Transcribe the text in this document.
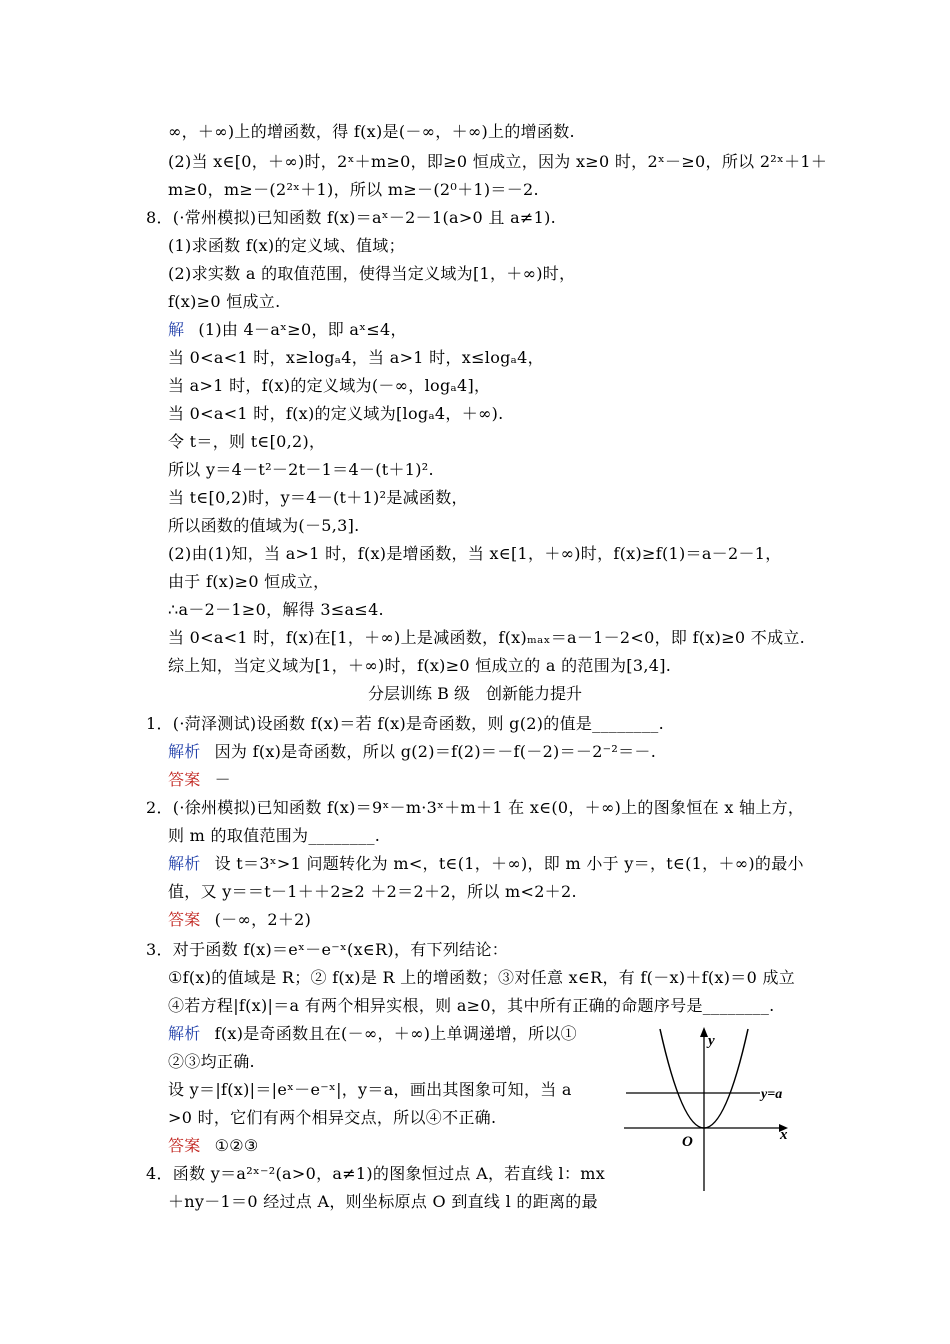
∞，＋∞)上的增函数，得 f(x)是(－∞，＋∞)上的增函数.
(2)当 x∈[0，＋∞)时，2ˣ＋m≥0，即≥0 恒成立，因为 x≥0 时，2ˣ－≥0，所以 2²ˣ＋1＋
m≥0，m≥－(2²ˣ＋1)，所以 m≥－(2⁰＋1)＝－2.
8．(·常州模拟)已知函数 f(x)＝aˣ－2－1(a>0 且 a≠1).
(1)求函数 f(x)的定义域、值域；
(2)求实数 a 的取值范围，使得当定义域为[1，＋∞)时，
f(x)≥0 恒成立.
解 (1)由 4－aˣ≥0，即 aˣ≤4，
当 0<a<1 时，x≥logₐ4，当 a>1 时，x≤logₐ4，
当 a>1 时，f(x)的定义域为(－∞，logₐ4]，
当 0<a<1 时，f(x)的定义域为[logₐ4，＋∞).
令 t＝，则 t∈[0,2)，
所以 y＝4－t²－2t－1＝4－(t＋1)².
当 t∈[0,2)时，y＝4－(t＋1)²是减函数，
所以函数的值域为(－5,3].
(2)由(1)知，当 a>1 时，f(x)是增函数，当 x∈[1，＋∞)时，f(x)≥f(1)＝a－2－1，
由于 f(x)≥0 恒成立，
∴a－2－1≥0，解得 3≤a≤4.
当 0<a<1 时，f(x)在[1，＋∞)上是减函数，f(x)ₘₐₓ＝a－1－2<0，即 f(x)≥0 不成立.
综上知，当定义域为[1，＋∞)时，f(x)≥0 恒成立的 a 的范围为[3,4].
1．(·菏泽测试)设函数 f(x)＝若 f(x)是奇函数，则 g(2)的值是________.
解析 因为 f(x)是奇函数，所以 g(2)＝f(2)＝－f(－2)＝－2⁻²＝－.
答案 －
2．(·徐州模拟)已知函数 f(x)＝9ˣ－m·3ˣ＋m＋1 在 x∈(0，＋∞)上的图象恒在 x 轴上方，
则 m 的取值范围为________.
解析 设 t＝3ˣ>1 问题转化为 m<，t∈(1，＋∞)，即 m 小于 y＝，t∈(1，＋∞)的最小
值，又 y＝＝t－1＋＋2≥2 ＋2＝2＋2，所以 m<2＋2.
答案 (－∞，2＋2)
3．对于函数 f(x)＝eˣ－e⁻ˣ(x∈R)，有下列结论：
①f(x)的值域是 R；② f(x)是 R 上的增函数；③对任意 x∈R，有 f(－x)＋f(x)＝0 成立
④若方程|f(x)|＝a 有两个相异实根，则 a≥0，其中所有正确的命题序号是________.
解析 f(x)是奇函数且在(－∞，＋∞)上单调递增，所以①
②③均正确.
设 y＝|f(x)|＝|eˣ－e⁻ˣ|，y＝a，画出其图象可知，当 a
>0 时，它们有两个相异交点，所以④不正确.
答案 ①②③
4．函数 y＝a²ˣ⁻²(a>0，a≠1)的图象恒过点 A，若直线 l：mx
＋ny－1＝0 经过点 A，则坐标原点 O 到直线 l 的距离的最
分层训练 B 级　创新能力提升
y
x
O
y=a
